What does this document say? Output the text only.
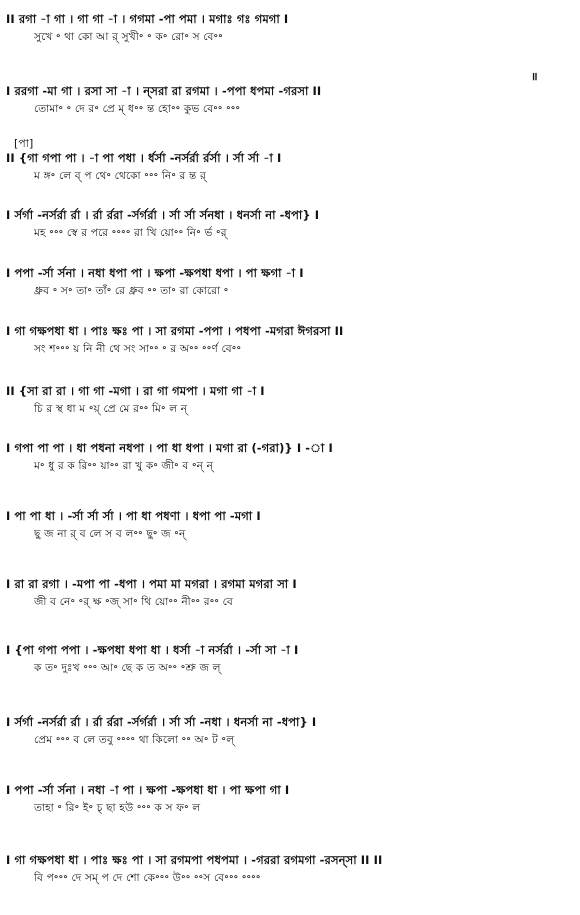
॥
[পা]
II রগা -া গা । গা গা -া । গগমা -পা পমা । মগাঃ গঃ গমগা I
সুখে ॰ থা কো আ র্ সুখী॰ ॰ ক॰ রো॰ স বে॰॰
I ররগা -মা গা । রসা সা -া । ন্‌সরা রা রগমা । -পপা ধপমা -গরসা II
তোমা॰ ॰ দে র॰ প্রে ম্ ধ॰॰ ন্ত হো॰॰ কুভ বে॰॰ ॰॰॰
II {গা গপা পা । -া পা পধা । র্ধর্সা -নর্সর্রা র্রর্সা । র্সা র্সা -া I
ম ঙ্গ॰ লে ব্ প থে॰ থেকো ॰॰॰ নি॰ র ন্ত র্
I র্সর্গা -নর্সর্রা র্রা । র্রা র্ররা -র্সর্গর্রা । র্সা র্সা র্সনধা । ধনর্সা না -ধপা} I
মহ ॰॰॰ স্বে র প‍রে ॰॰॰॰ রা খি য়ো॰॰ নি॰ র্ভ ॰র্
I পপা -র্সা র্সনা । নধা ধপা পা । ক্ষপা -ক্ষপধা ধপা । পা ক্ষগা -া I
ধ্রুব ॰ স॰ তা॰ তাঁ॰ রে ধ্রুব ॰॰ তা॰ রা কোরো ॰
I গা গক্ষপধা ধা । পাঃ ক্ষঃ পা । সা রগমা -পপা । পধপা -মগরা ঈগরসা II
সং শ॰॰॰ য় নি নী থে সং সা॰॰ ॰ র অ॰॰ ॰॰র্ণ বে॰॰
II {সা রা রা । গা গা -মগা । রা গা গমপা । মগা গা -া I
চি র স্থ ধা ম ॰য়্ প্রে মে র॰॰ মি॰ ল ন্
I গপা পা পা । ধা পধনা নধপা । পা ধা ধপা । মগা রা (-গরা)} I -া I
ম॰ ধু র ক রি॰॰ য়া॰॰ রা খু ক॰ জী॰ ব ॰ন্ ন্
I পা পা ধা । -র্সা র্সা র্সা । পা ধা পধণা । ধপা পা -মগা I
ছু জ না র্ ব লে স ব ল॰॰ ছু॰ জ ॰ন্
I রা রা রগা । -মপা পা -ধপা । পমা মা মগরা । রগমা মগরা সা I
জী ব নে॰ ॰র্ ক্ষ ॰জ্ সা॰ থি য়ো॰॰ নী॰॰ র॰॰ বে
I {পা গপা পপা । -ক্ষপধা ধপা ধা । ধর্সা -া নর্সর্রা । -র্সা সা -া I
ক ত॰ দুঃখ ॰॰॰ আ॰ ছে ক ত অ॰॰ ॰শ্রু জ ল্
I র্সর্গা -নর্সর্রা র্রা । র্রা র্ররা -র্সর্গর্রা । র্সা র্সা -নধা । ধনর্সা না -ধপা} I
প্রেম ॰॰॰ ব লে তবু ॰॰॰॰ থা কিলো ॰॰ অ॰ ট ॰ল্
I পপা -র্সা র্সনা । নধা -া পা । ক্ষপা -ক্ষপধা ধা । পা ক্ষপা গা I
তাহা ॰ রি॰ ই॰ চ্ ছা হউ ॰॰॰ ক স ফ॰ ল
I গা গক্ষপধা ধা । পাঃ ক্ষঃ পা । সা রগমপা পধপমা । -গররা রগমগা -রসন্‌সা II II
বি প॰॰॰ দে সম্ প দে শো কে॰॰॰ উ॰॰ ॰॰স বে॰॰॰ ॰॰॰॰
